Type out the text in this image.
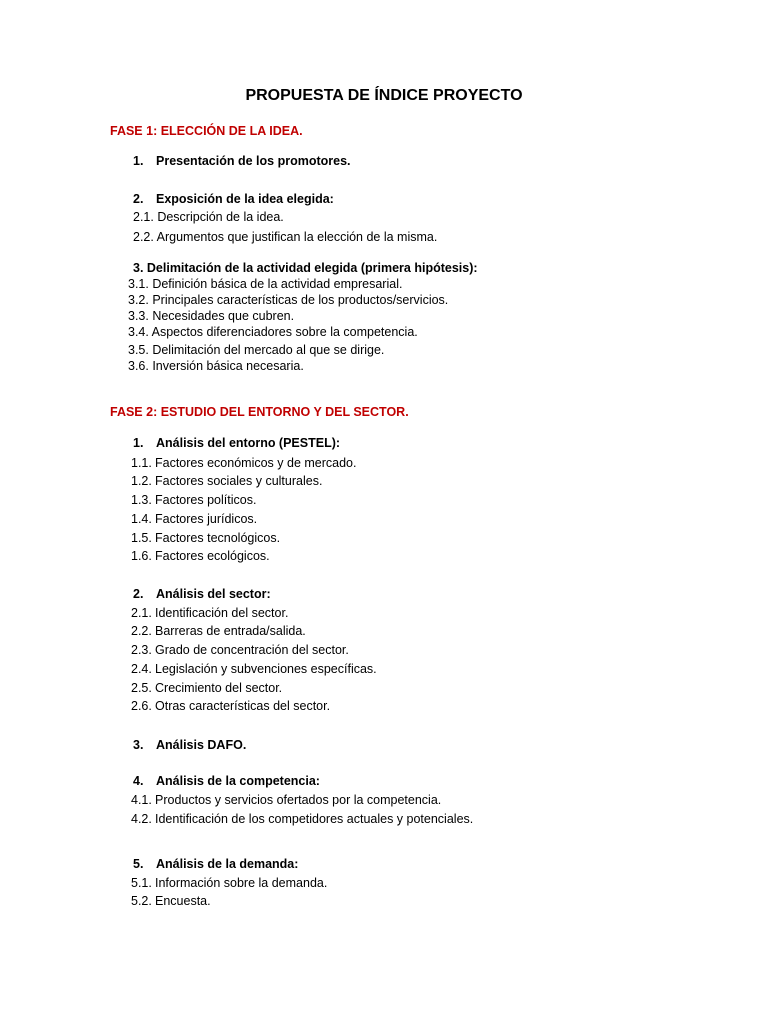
PROPUESTA DE ÍNDICE PROYECTO
FASE 1: ELECCIÓN DE LA IDEA.
1. Presentación de los promotores.
2. Exposición de la idea elegida:
2.1. Descripción de la idea.
2.2. Argumentos que justifican la elección de la misma.
3. Delimitación de la actividad elegida (primera hipótesis):
3.1. Definición básica de la actividad empresarial.
3.2. Principales características de los productos/servicios.
3.3. Necesidades que cubren.
3.4. Aspectos diferenciadores sobre la competencia.
3.5. Delimitación del mercado al que se dirige.
3.6. Inversión básica necesaria.
FASE 2: ESTUDIO DEL ENTORNO Y DEL SECTOR.
1. Análisis del entorno (PESTEL):
1.1. Factores económicos y de mercado.
1.2. Factores sociales y culturales.
1.3. Factores políticos.
1.4. Factores jurídicos.
1.5. Factores tecnológicos.
1.6. Factores ecológicos.
2. Análisis del sector:
2.1. Identificación del sector.
2.2. Barreras de entrada/salida.
2.3. Grado de concentración del sector.
2.4. Legislación y subvenciones específicas.
2.5. Crecimiento del sector.
2.6. Otras características del sector.
3. Análisis DAFO.
4. Análisis de la competencia:
4.1. Productos y servicios ofertados por la competencia.
4.2. Identificación de los competidores actuales y potenciales.
5. Análisis de la demanda:
5.1. Información sobre la demanda.
5.2. Encuesta.
